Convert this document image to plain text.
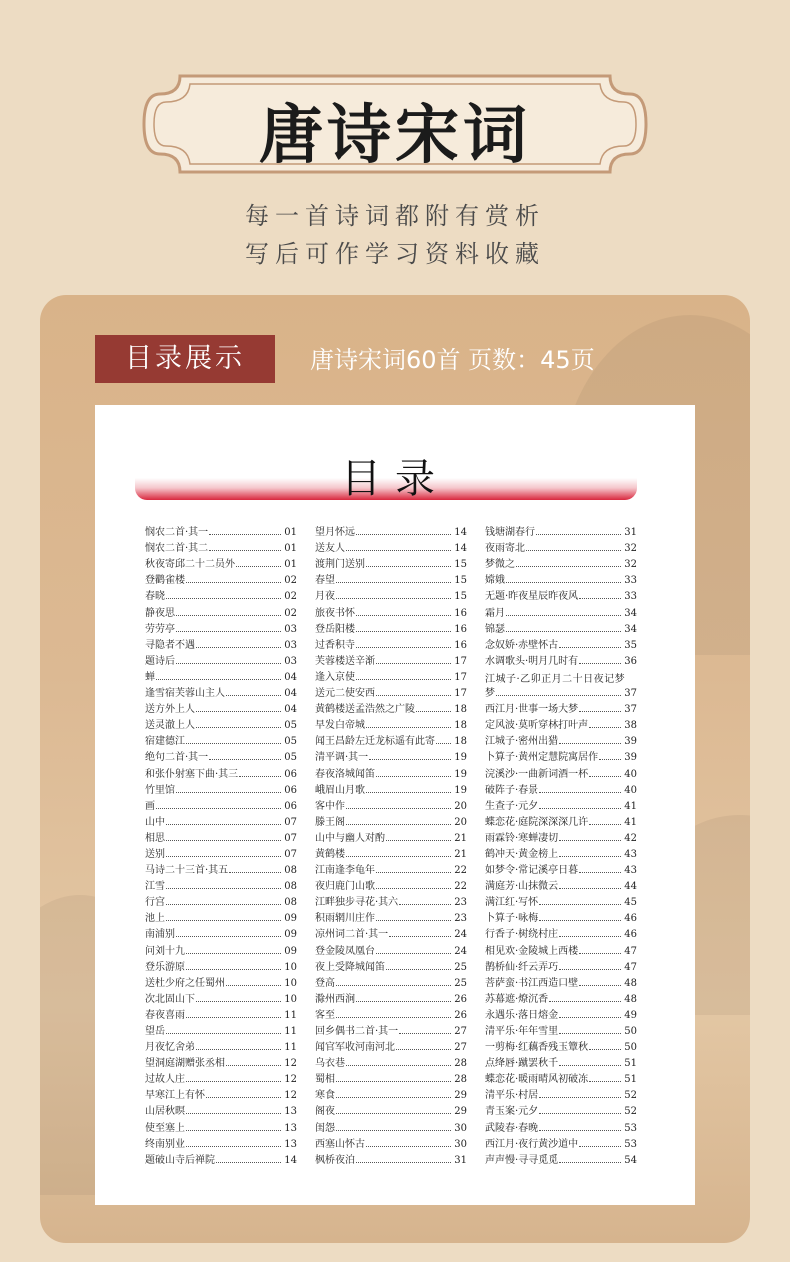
唐诗宋词
每一首诗词都附有赏析
写后可作学习资料收藏
目录展示	唐诗宋词60首 页数：45页
目录
悯农二首·其一	01
悯农二首·其二	01
秋夜寄邱二十二员外	01
登鹳雀楼	02
春晓	02
静夜思	02
劳劳亭	03
寻隐者不遇	03
题诗后	03
蝉	04
逢雪宿芙蓉山主人	04
送方外上人	04
送灵澈上人	05
宿建德江	05
绝句二首·其一	05
和张仆射塞下曲·其三	06
竹里馆	06
画	06
山中	07
相思	07
送别	07
马诗二十三首·其五	08
江雪	08
行宫	08
池上	09
南浦别	09
问刘十九	09
登乐游原	10
送杜少府之任蜀州	10
次北固山下	10
春夜喜雨	11
望岳	11
月夜忆舍弟	11
望洞庭湖赠张丞相	12
过故人庄	12
早寒江上有怀	12
山居秋暝	13
使至塞上	13
终南别业	13
题破山寺后禅院	14
望月怀远	14
送友人	14
渡荆门送别	15
春望	15
月夜	15
旅夜书怀	16
登岳阳楼	16
过香积寺	16
芙蓉楼送辛渐	17
逢入京使	17
送元二使安西	17
黄鹤楼送孟浩然之广陵	18
早发白帝城	18
闻王昌龄左迁龙标遥有此寄 18
清平调·其一	19
春夜洛城闻笛	19
峨眉山月歌	19
客中作	20
滕王阁	20
山中与幽人对酌	21
黄鹤楼	21
江南逢李龟年	22
夜归鹿门山歌	22
江畔独步寻花·其六	23
积雨辋川庄作	23
凉州词二首·其一	24
登金陵凤凰台	24
夜上受降城闻笛	25
登高	25
滁州西涧	26
客至	26
回乡偶书二首·其一	27
闻官军收河南河北	27
乌衣巷	28
蜀相	28
寒食	29
阁夜	29
闺怨	30
西塞山怀古	30
枫桥夜泊	31
钱塘湖春行	31
夜雨寄北	32
梦微之	32
嫦娥	33
无题·昨夜星辰昨夜风	33
霜月	34
锦瑟	34
念奴娇·赤壁怀古	35
水调歌头·明月几时有	36
江城子·乙卯正月二十日夜记梦
梦	37
西江月·世事一场大梦	37
定风波·莫听穿林打叶声	38
江城子·密州出猎	39
卜算子·黄州定慧院寓居作	39
浣溪沙·一曲新词酒一杯	40
破阵子·春景	40
生查子·元夕	41
蝶恋花·庭院深深深几许	41
雨霖铃·寒蝉凄切	42
鹤冲天·黄金榜上	43
如梦令·常记溪亭日暮	43
满庭芳·山抹微云	44
满江红·写怀	45
卜算子·咏梅	46
行香子·树绕村庄	46
相见欢·金陵城上西楼	47
鹊桥仙·纤云弄巧	47
菩萨蛮·书江西造口壁	48
苏幕遮·燎沉香	48
永遇乐·落日熔金	49
清平乐·年年雪里	50
一剪梅·红藕香残玉簟秋	50
点绛唇·蹴罢秋千	51
蝶恋花·暖雨晴风初破冻	51
清平乐·村居	52
青玉案·元夕	52
武陵春·春晚	53
西江月·夜行黄沙道中	53
声声慢·寻寻觅觅	54
